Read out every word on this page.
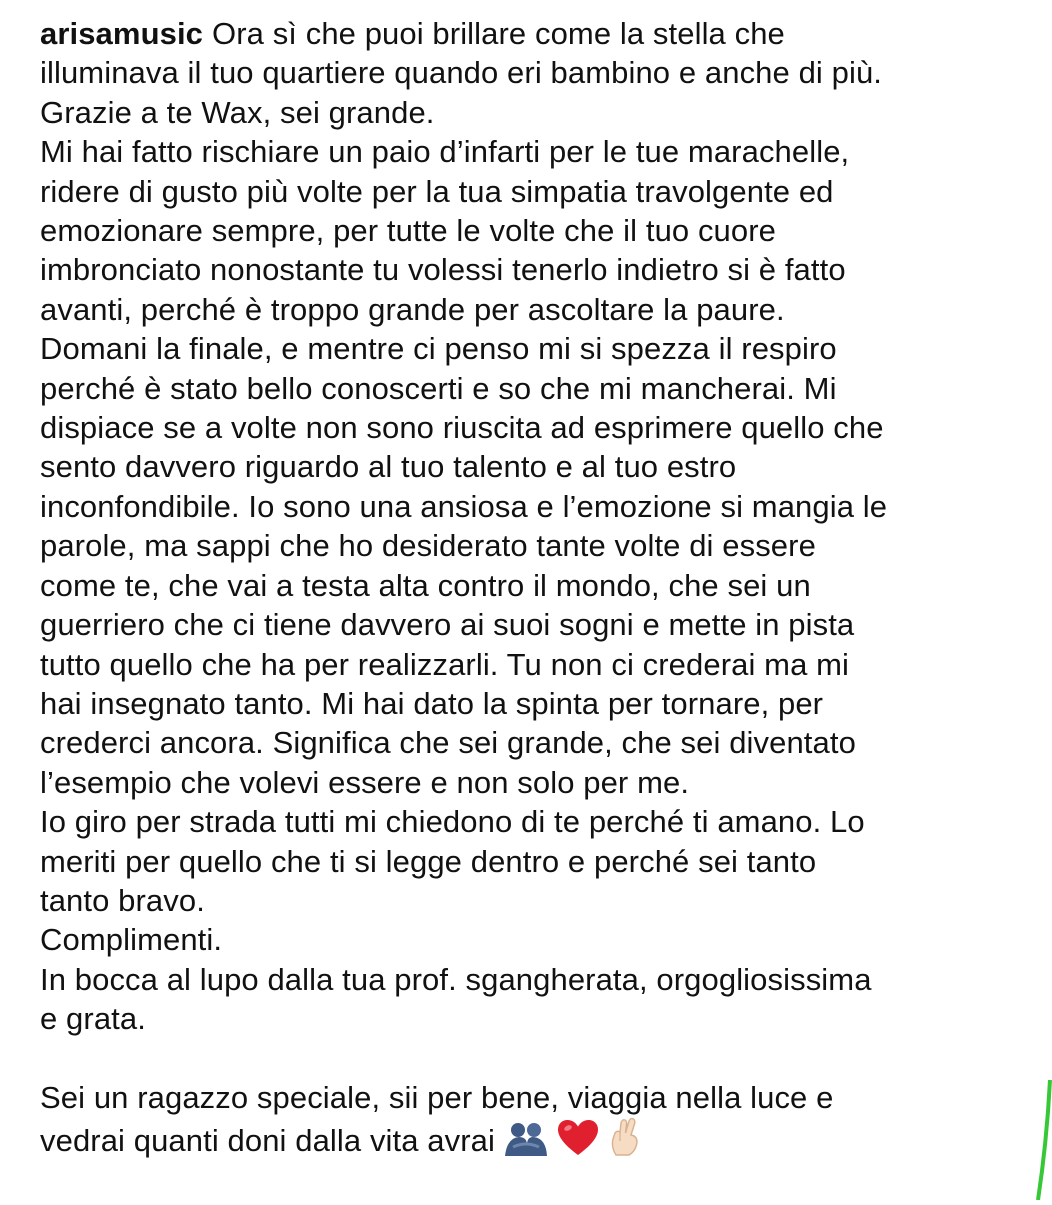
arisamusic Ora sì che puoi brillare come la stella che
illuminava il tuo quartiere quando eri bambino e anche di più.

Grazie a te Wax, sei grande.

Mi hai fatto rischiare un paio d’infarti per le tue marachelle,
ridere di gusto più volte per la tua simpatia travolgente ed
emozionare sempre, per tutte le volte che il tuo cuore
imbronciato nonostante tu volessi tenerlo indietro si è fatto
avanti, perché è troppo grande per ascoltare la paure.
Domani la finale, e mentre ci penso mi si spezza il respiro
perché è stato bello conoscerti e so che mi mancherai. Mi
dispiace se a volte non sono riuscita ad esprimere quello che
sento davvero riguardo al tuo talento e al tuo estro
inconfondibile. Io sono una ansiosa e l’emozione si mangia le
parole, ma sappi che ho desiderato tante volte di essere
come te, che vai a testa alta contro il mondo, che sei un
guerriero che ci tiene davvero ai suoi sogni e mette in pista
tutto quello che ha per realizzarli. Tu non ci crederai ma mi
hai insegnato tanto. Mi hai dato la spinta per tornare, per
crederci ancora. Significa che sei grande, che sei diventato
l’esempio che volevi essere e non solo per me.

Io giro per strada tutti mi chiedono di te perché ti amano. Lo
meriti per quello che ti si legge dentro e perché sei tanto
tanto bravo.

Complimenti.

In bocca al lupo dalla tua prof. sgangherata, orgogliosissima
e grata.

Sei un ragazzo speciale, sii per bene, viaggia nella luce e
vedrai quanti doni dalla vita avrai
